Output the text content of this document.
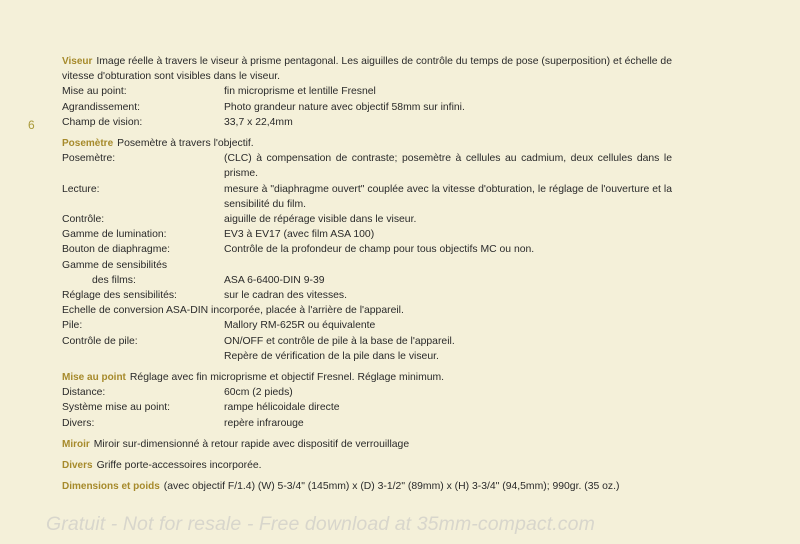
6

Viseur Image réelle à travers le viseur à prisme pentagonal. Les aiguilles de contrôle du temps de pose (superposition) et échelle de vitesse d'obturation sont visibles dans le viseur.

Mise au point:	fin microprisme et lentille Fresnel
Agrandissement:	Photo grandeur nature avec objectif 58mm sur infini.
Champ de vision:	33,7 x 22,4mm

Posemètre Posemètre à travers l'objectif.

Posemètre:	(CLC) à compensation de contraste; posemètre à cellules au cadmium, deux cellules dans le prisme.
Lecture:	mesure à "diaphragme ouvert" couplée avec la vitesse d'obturation, le réglage de l'ouverture et la sensibilité du film.
Contrôle:	aiguille de répérage visible dans le viseur.
Gamme de lumination:	EV3 à EV17 (avec film ASA 100)
Bouton de diaphragme:	Contrôle de la profondeur de champ pour tous objectifs MC ou non.
Gamme de sensibilités
des films:	ASA 6-6400-DIN 9-39
Réglage des sensibilités:	sur le cadran des vitesses.
Echelle de conversion ASA-DIN incorporée, placée à l'arrière de l'appareil.
Pile:	Mallory RM-625R ou équivalente
Contrôle de pile:	ON/OFF et contrôle de pile à la base de l'appareil.
Repère de vérification de la pile dans le viseur.

Mise au point Réglage avec fin microprisme et objectif Fresnel. Réglage minimum.

Distance:	60cm (2 pieds)
Système mise au point:	rampe hélicoidale directe
Divers:	repère infrarouge

Miroir Miroir sur-dimensionné à retour rapide avec dispositif de verrouillage

Divers Griffe porte-accessoires incorporée.

Dimensions et poids (avec objectif F/1.4) (W) 5-3/4" (145mm) x (D) 3-1/2" (89mm) x (H) 3-3/4" (94,5mm); 990gr. (35 oz.)

Gratuit - Not for resale - Free download at 35mm-compact.com
